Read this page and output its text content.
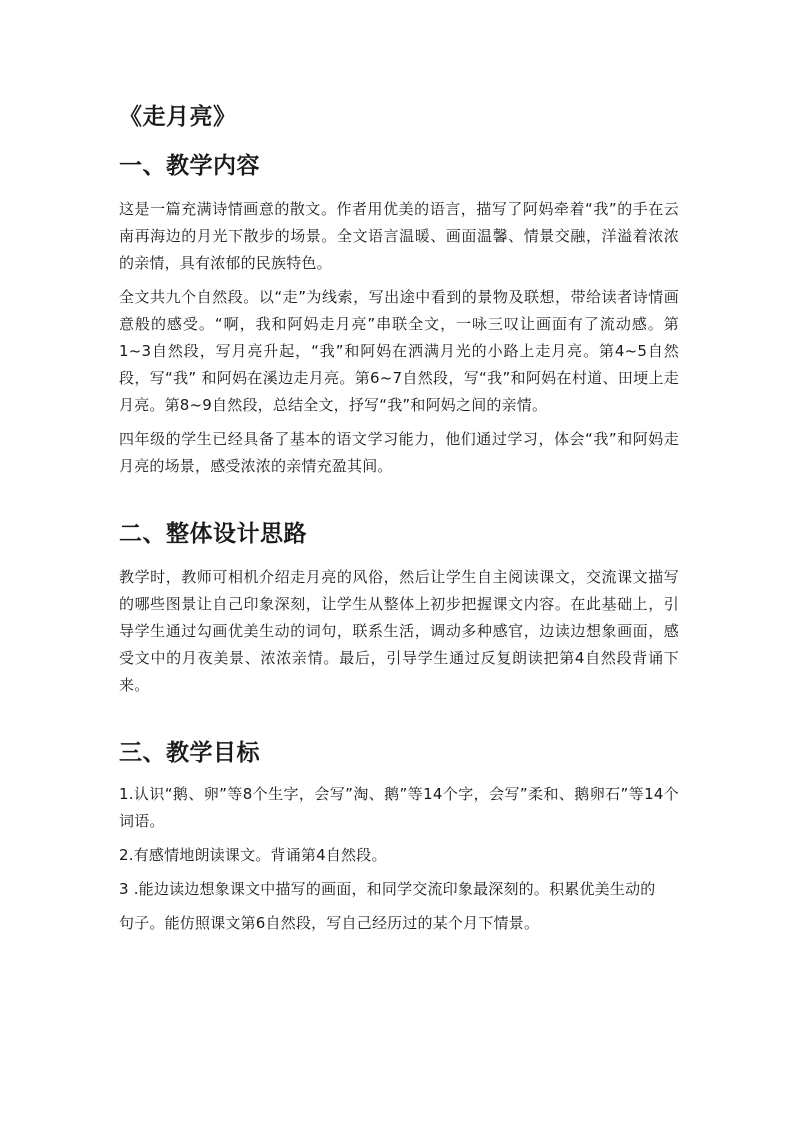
《走月亮》
一、教学内容

这是一篇充满诗情画意的散文。作者用优美的语言，描写了阿妈牵着“我”的手在云南再海边的月光下散步的场景。全文语言温暖、画面温馨、情景交融，洋溢着浓浓的亲情，具有浓郁的民族特色。

全文共九个自然段。以“走”为线索，写出途中看到的景物及联想，带给读者诗情画意般的感受。“啊，我和阿妈走月亮”串联全文，一咏三叹让画面有了流动感。第1~3自然段，写月亮升起，“我”和阿妈在洒满月光的小路上走月亮。第4~5自然段，写“我” 和阿妈在溪边走月亮。第6~7自然段，写“我”和阿妈在村道、田埂上走月亮。第8~9自然段，总结全文，抒写“我”和阿妈之间的亲情。

四年级的学生已经具备了基本的语文学习能力，他们通过学习，体会“我”和阿妈走月亮的场景，感受浓浓的亲情充盈其间。

二、整体设计思路

教学时，教师可相机介绍走月亮的风俗，然后让学生自主阅读课文，交流课文描写的哪些图景让自己印象深刻，让学生从整体上初步把握课文内容。在此基础上，引导学生通过勾画优美生动的词句，联系生活，调动多种感官，边读边想象画面，感受文中的月夜美景、浓浓亲情。最后，引导学生通过反复朗读把第4自然段背诵下来。

三、教学目标

1.认识“鹅、卵”等8个生字，会写”淘、鹅”等14个字，会写”柔和、鹅卵石”等14个词语。

2.有感情地朗读课文。背诵第4自然段。

3 .能边读边想象课文中描写的画面，和同学交流印象最深刻的。积累优美生动的

句子。能仿照课文第6自然段，写自己经历过的某个月下情景。
